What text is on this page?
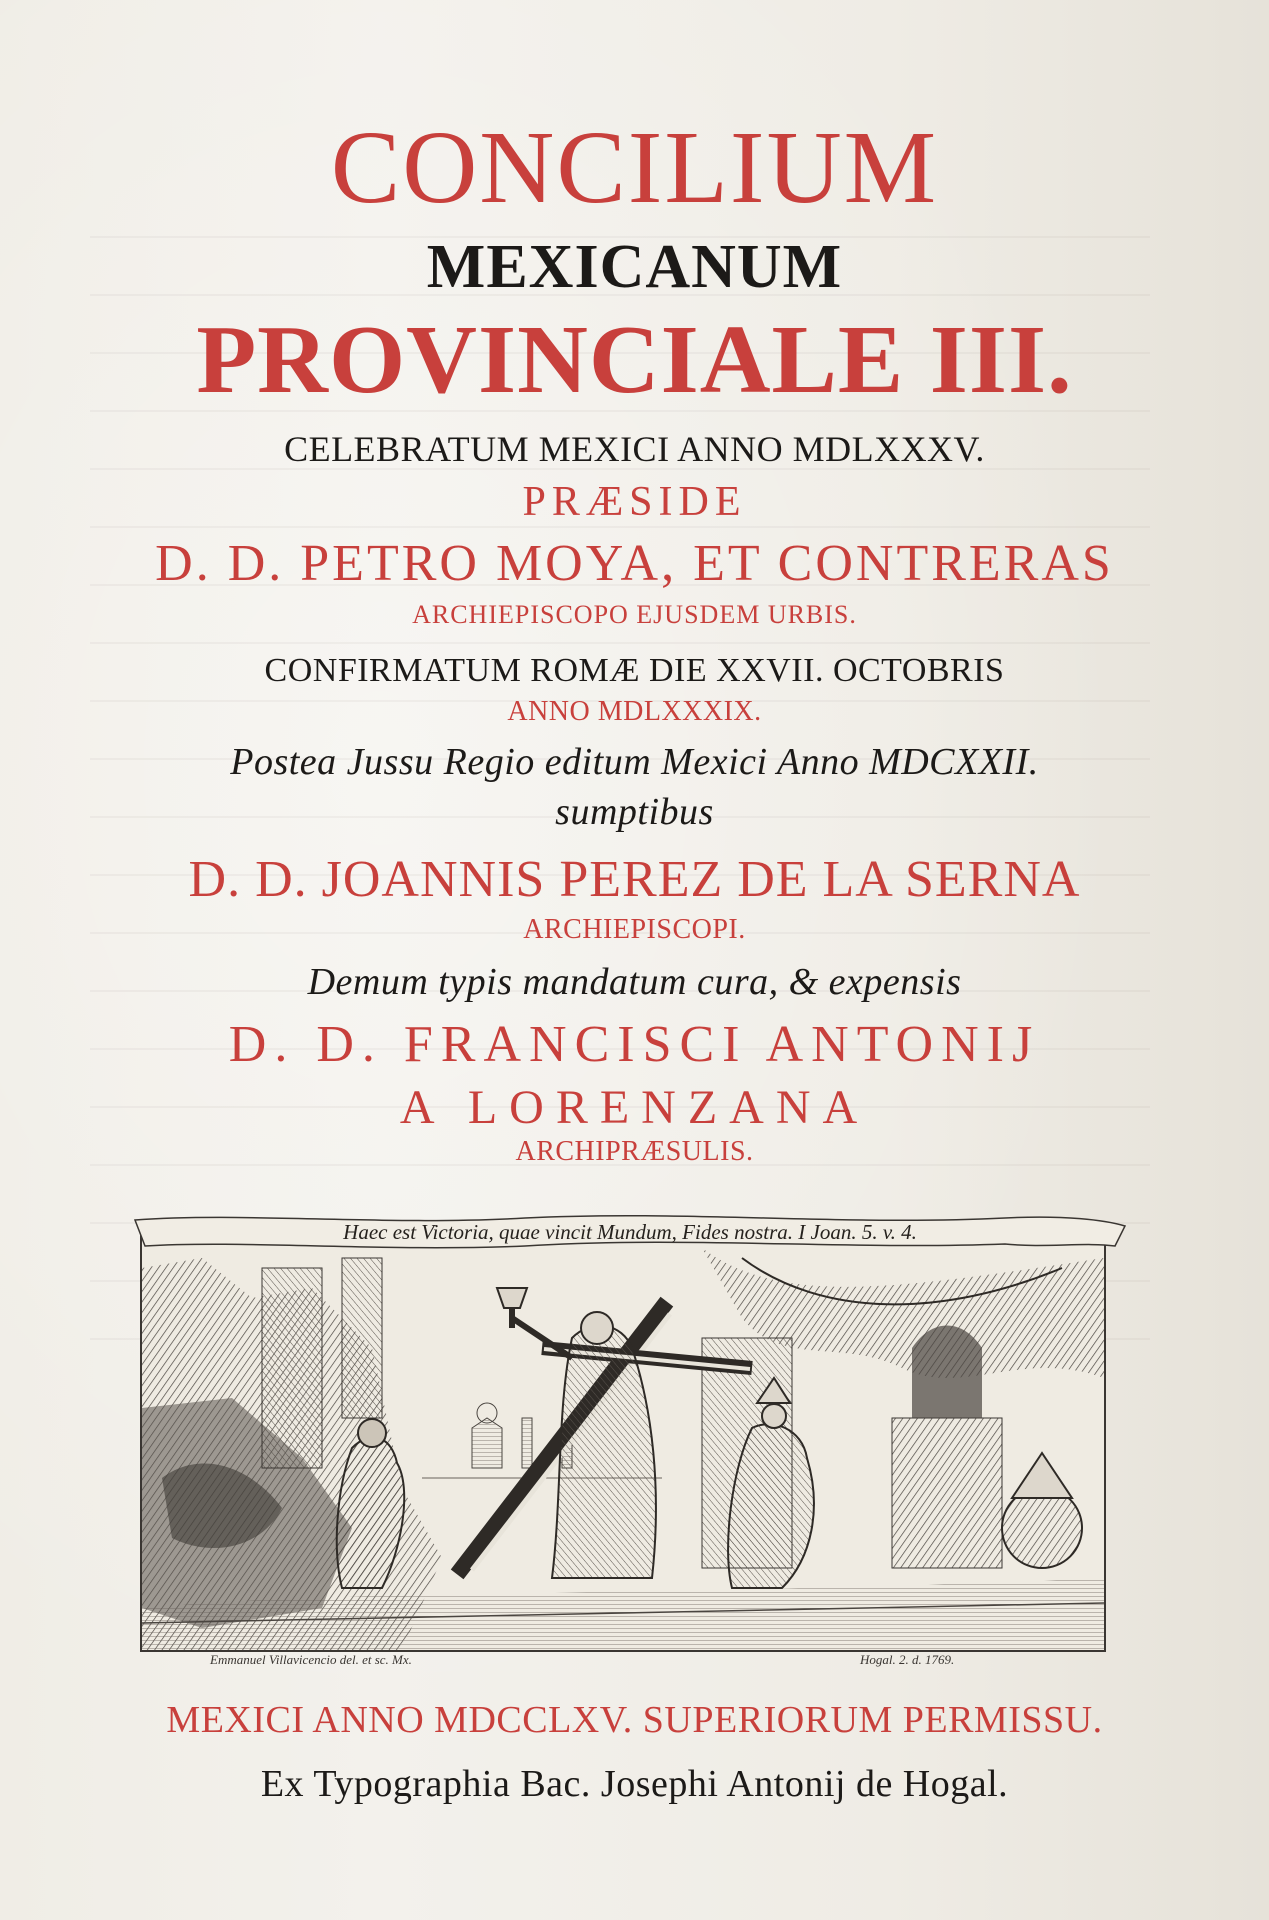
CONCILIUM
MEXICANUM
PROVINCIALE III.
CELEBRATUM MEXICI ANNO MDLXXXV.
PRÆSIDE
D. D. PETRO MOYA, ET CONTRERAS
ARCHIEPISCOPO EJUSDEM URBIS.
CONFIRMATUM ROMÆ DIE XXVII. OCTOBRIS
ANNO MDLXXXIX.
Postea Jussu Regio editum Mexici Anno MDCXXII.
sumptibus
D. D. JOANNIS PEREZ DE LA SERNA
ARCHIEPISCOPI.
Demum typis mandatum cura, & expensis
D. D. FRANCISCI ANTONIJ
A LORENZANA
ARCHIPRÆSULIS.
Haec est Victoria, quae vincit Mundum, Fides nostra. I Joan. 5. v. 4.
Emmanuel Villavicencio del. et sc. Mx.	Hogal. 2. d. 1769.
MEXICI ANNO MDCCLXV. SUPERIORUM PERMISSU.
Ex Typographia Bac. Josephi Antonij de Hogal.
